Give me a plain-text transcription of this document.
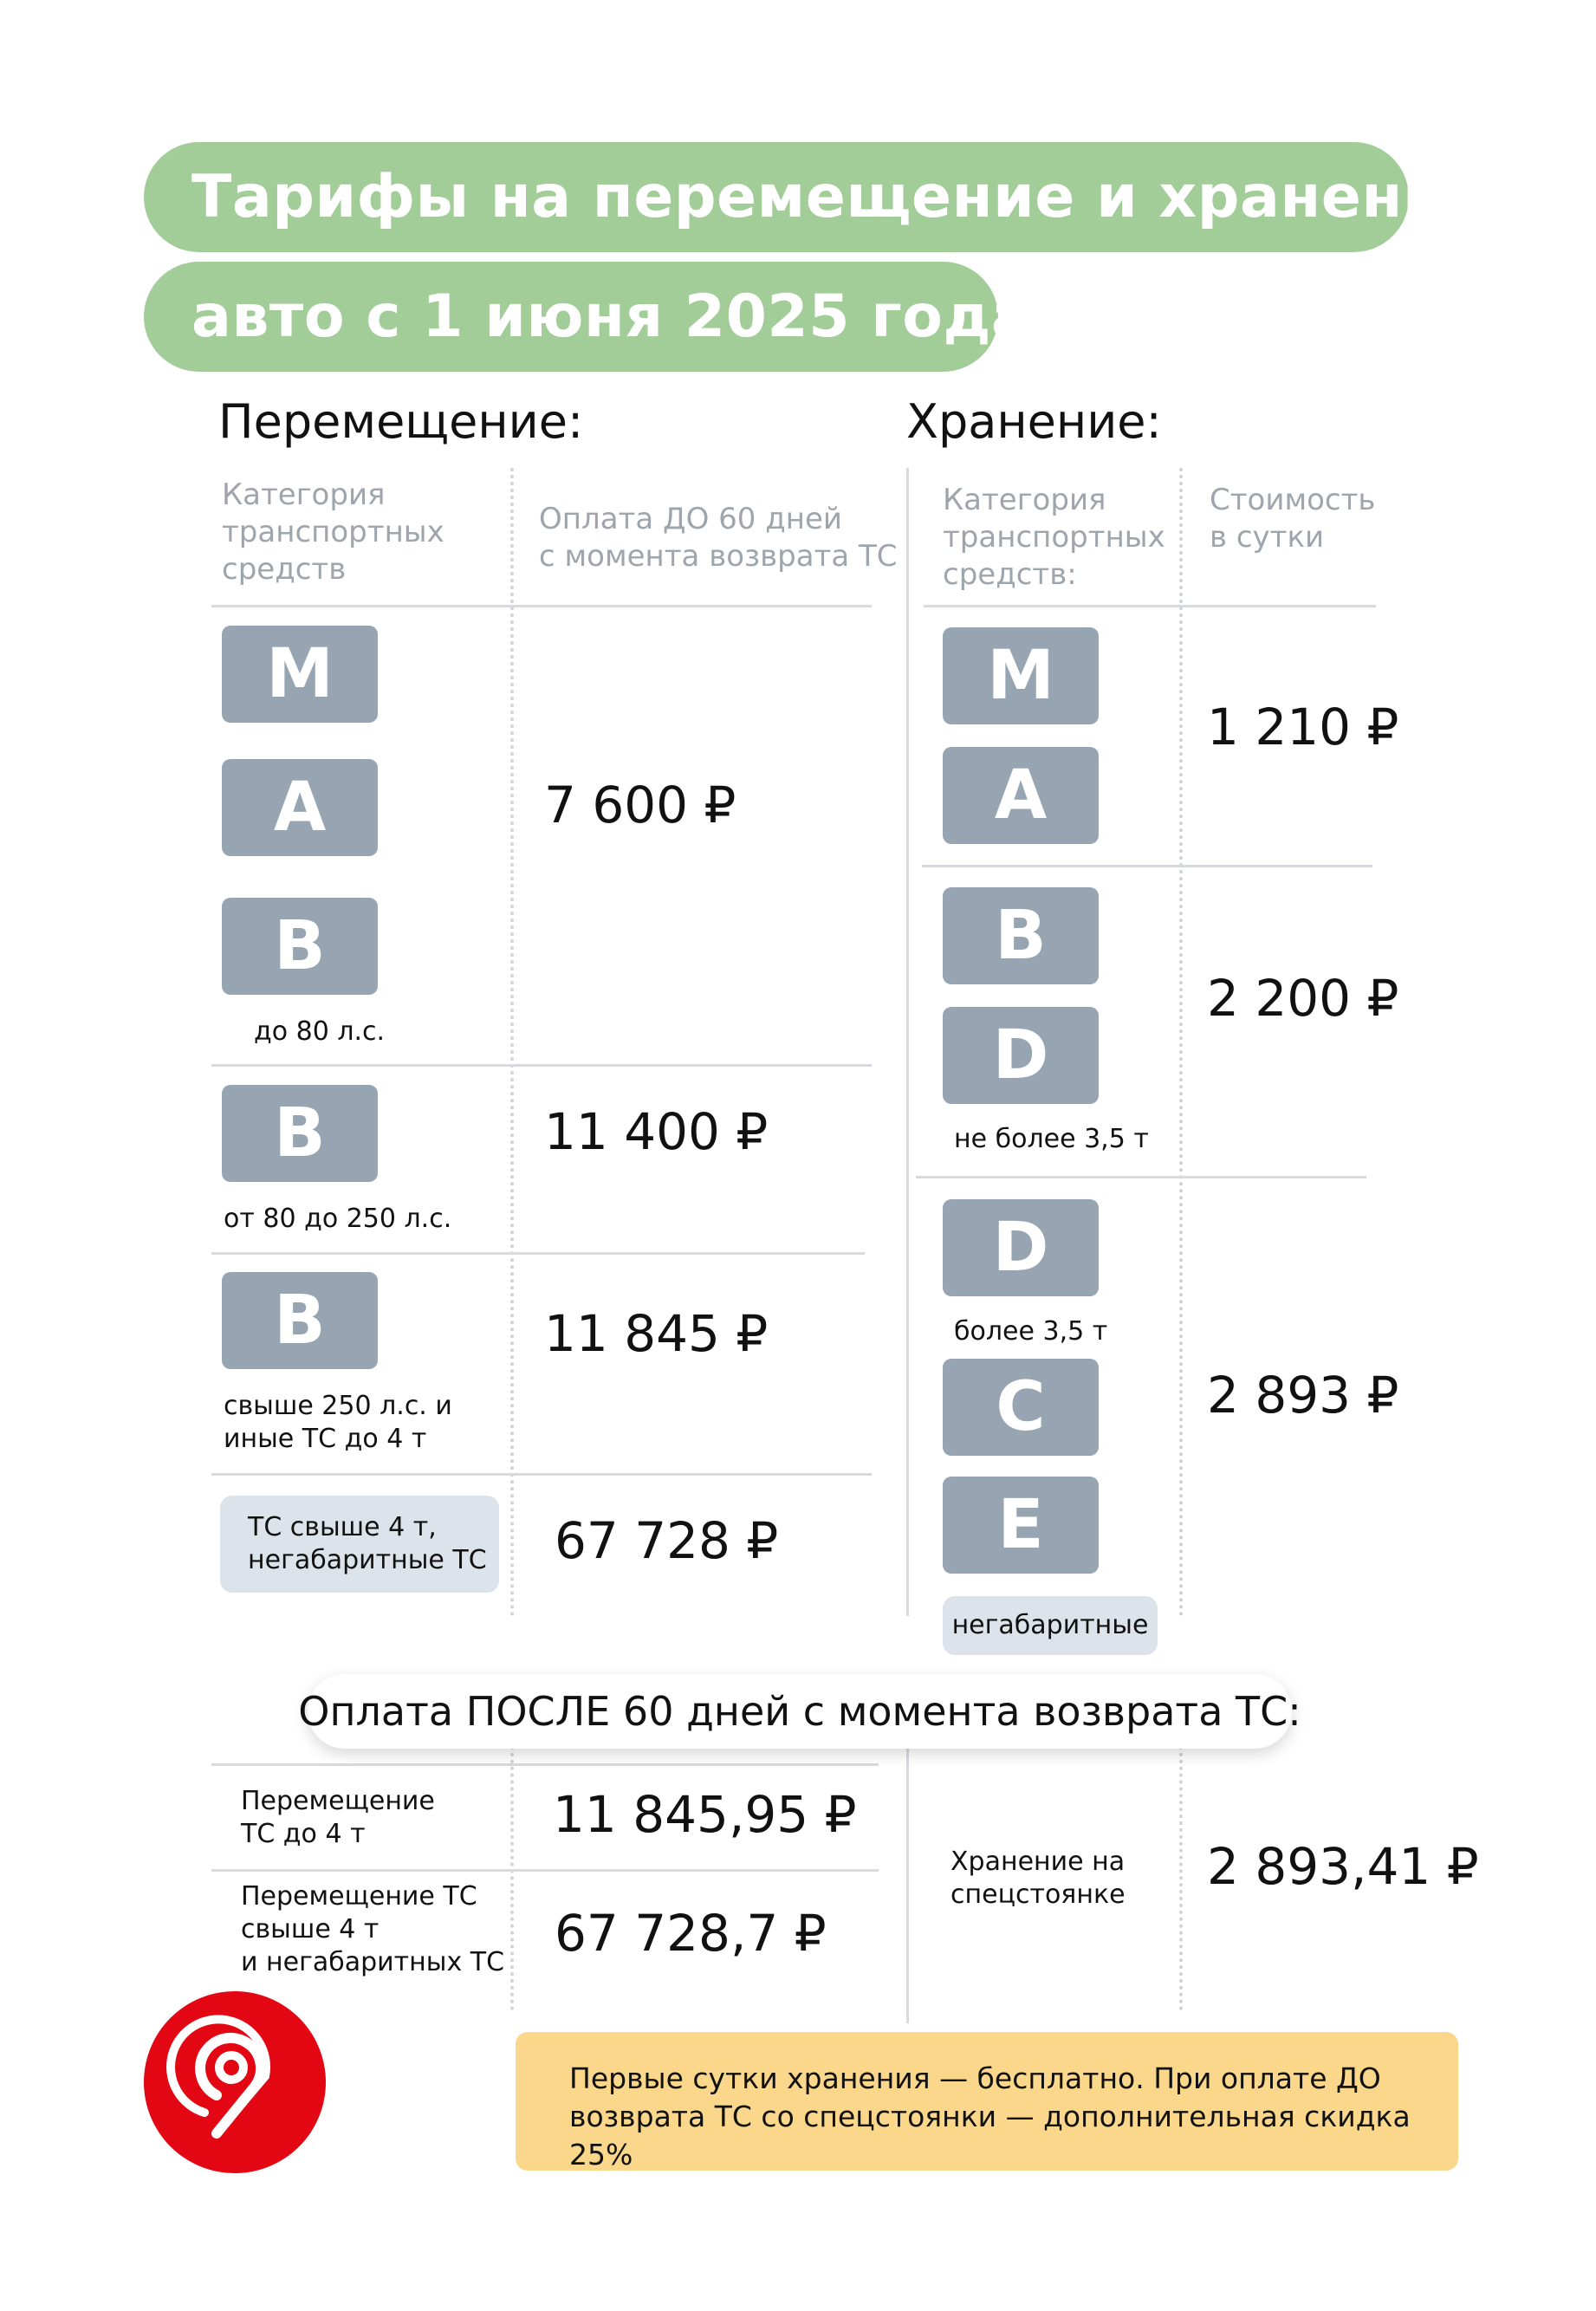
Тарифы на перемещение и хранение
авто с 1 июня 2025 года
Перемещение:	Хранение:
Категория
транспортных
средств
Оплата ДО 60 дней
с момента возврата ТС
Категория
транспортных
средств:
Стоимость
в сутки
M
A
B
до 80 л.с.
7 600 ₽
B
от 80 до 250 л.с.
11 400 ₽
B
свыше 250 л.с. и
иные ТС до 4 т
11 845 ₽
ТС свыше 4 т,
негабаритные ТС 67 728 ₽
M
A
1 210 ₽
B
D
не более 3,5 т
2 200 ₽
D
более 3,5 т
C
E
негабаритные
2 893 ₽
Оплата ПОСЛЕ 60 дней с момента возврата ТС:
Перемещение
ТС до 4 т	11 845,95 ₽
Перемещение ТС
свыше 4 т
и негабаритных ТС 67 728,7 ₽
Хранение на
спецстоянке 2 893,41 ₽
Первые сутки хранения — бесплатно. При оплате ДО
возврата ТС со спецстоянки — дополнительная скидка 25%
